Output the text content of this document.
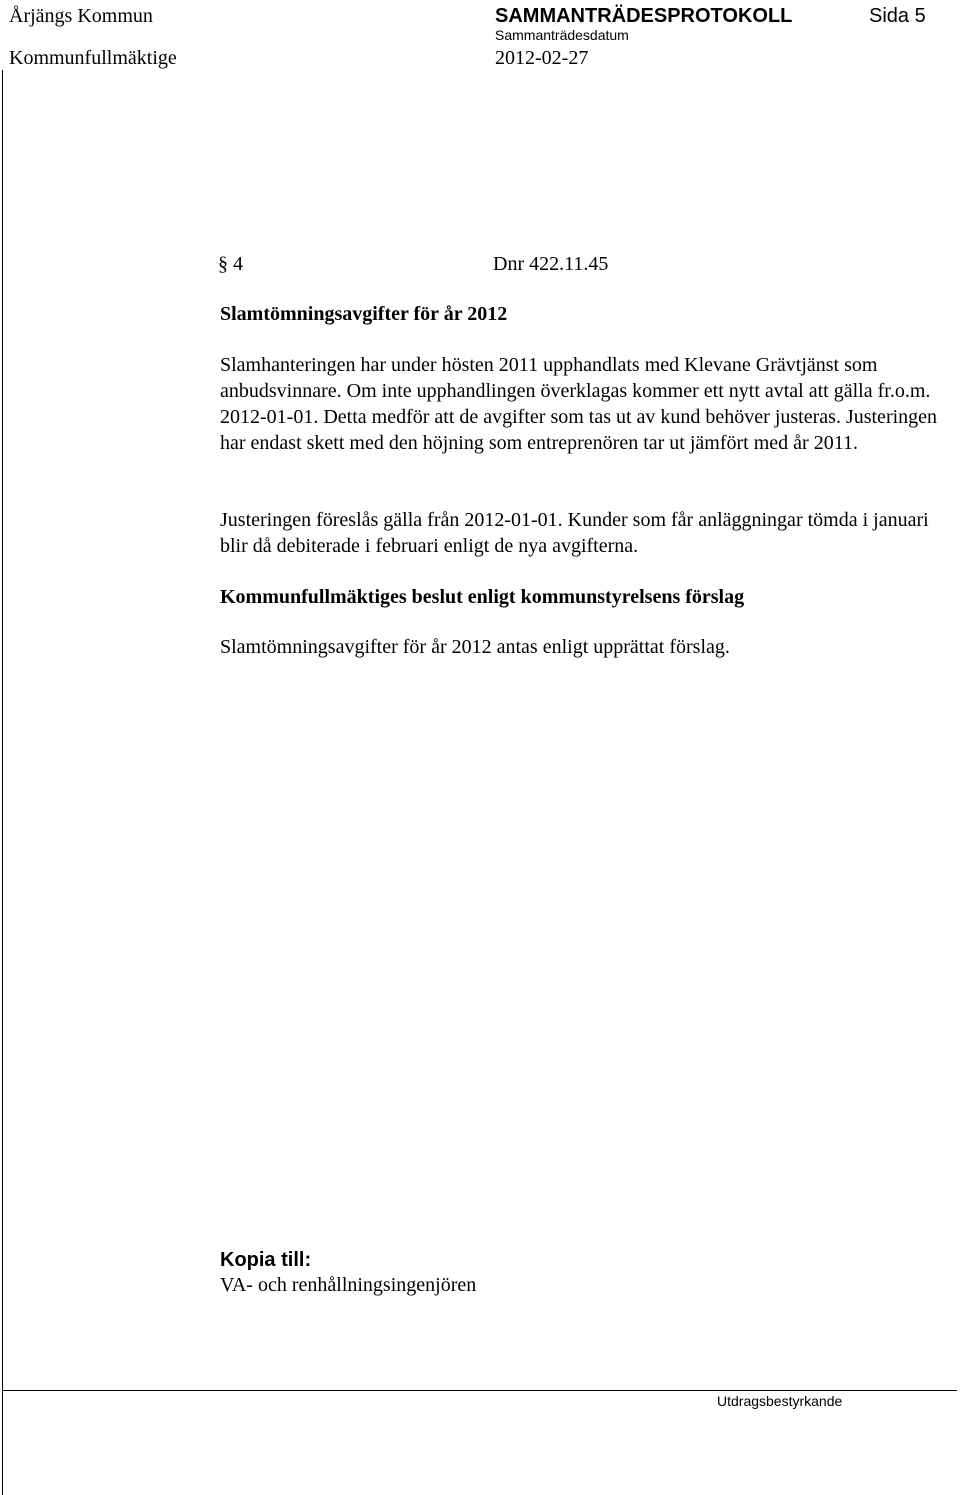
Årjängs Kommun	SAMMANTRÄDESPROTOKOLL	Sida 5
Sammanträdesdatum
Kommunfullmäktige	2012-02-27
§ 4	Dnr 422.11.45
Slamtömningsavgifter för år 2012

Slamhanteringen har under hösten 2011 upphandlats med Klevane Grävtjänst som anbudsvinnare. Om inte upphandlingen överklagas kommer ett nytt avtal att gälla fr.o.m. 2012-01-01. Detta medför att de avgifter som tas ut av kund behöver justeras. Justeringen har endast skett med den höjning som entreprenören tar ut jämfört med år 2011.

Justeringen föreslås gälla från 2012-01-01. Kunder som får anläggningar tömda i januari blir då debiterade i februari enligt de nya avgifterna.

Kommunfullmäktiges beslut enligt kommunstyrelsens förslag
Slamtömningsavgifter för år 2012 antas enligt upprättat förslag.
Kopia till:
VA- och renhållningsingenjören
Utdragsbestyrkande
